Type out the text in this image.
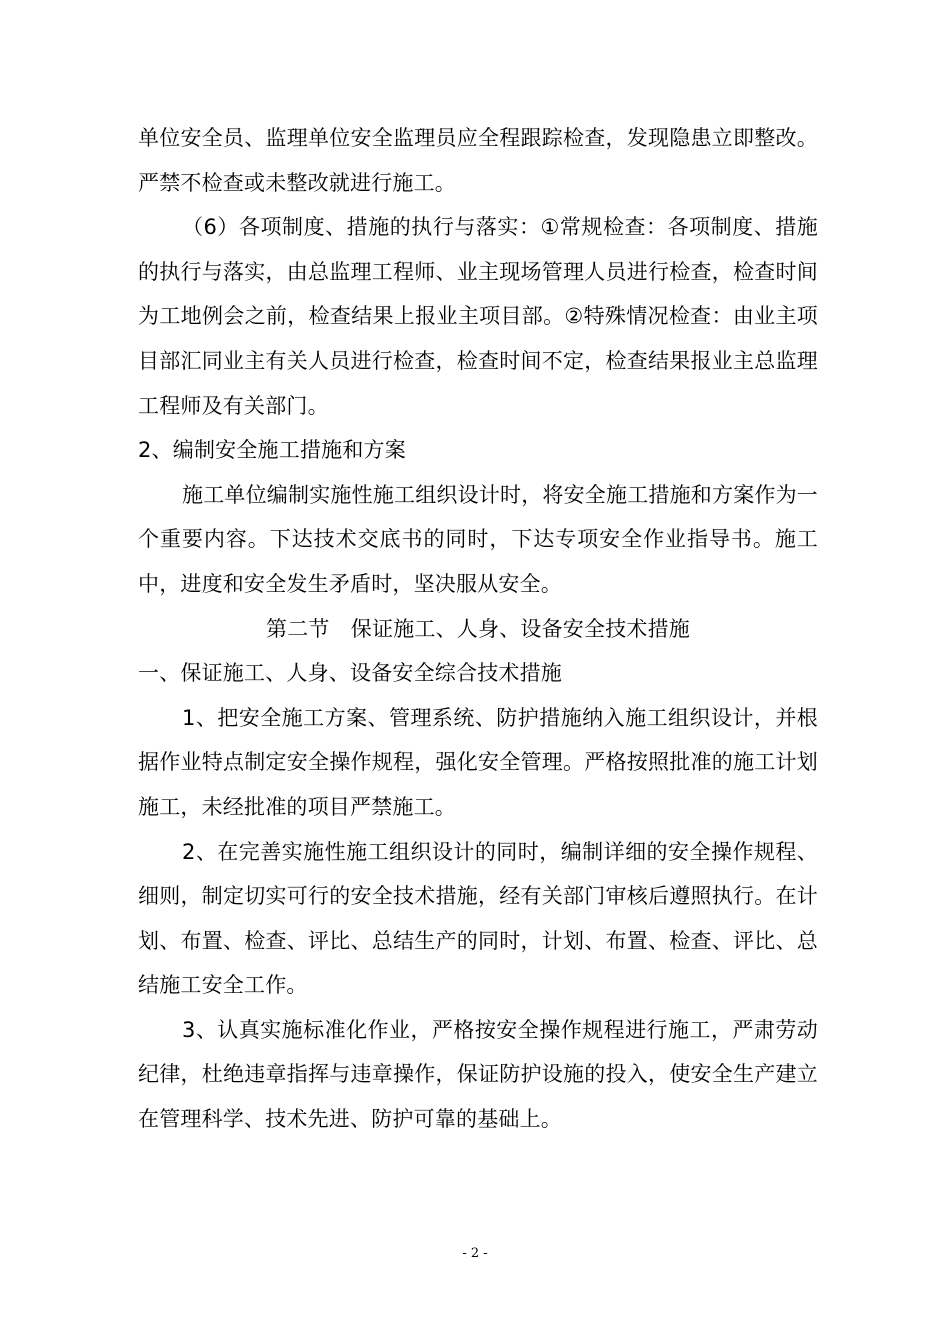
单位安全员、监理单位安全监理员应全程跟踪检查，发现隐患立即整改。严禁不检查或未整改就进行施工。

（6）各项制度、措施的执行与落实：①常规检查：各项制度、措施的执行与落实，由总监理工程师、业主现场管理人员进行检查，检查时间为工地例会之前，检查结果上报业主项目部。②特殊情况检查：由业主项目部汇同业主有关人员进行检查，检查时间不定，检查结果报业主总监理工程师及有关部门。

2、编制安全施工措施和方案

施工单位编制实施性施工组织设计时，将安全施工措施和方案作为一个重要内容。下达技术交底书的同时，下达专项安全作业指导书。施工中，进度和安全发生矛盾时，坚决服从安全。

第二节　保证施工、人身、设备安全技术措施

一、保证施工、人身、设备安全综合技术措施

1、把安全施工方案、管理系统、防护措施纳入施工组织设计，并根据作业特点制定安全操作规程，强化安全管理。严格按照批准的施工计划施工，未经批准的项目严禁施工。

2、在完善实施性施工组织设计的同时，编制详细的安全操作规程、细则，制定切实可行的安全技术措施，经有关部门审核后遵照执行。在计划、布置、检查、评比、总结生产的同时，计划、布置、检查、评比、总结施工安全工作。

3、认真实施标准化作业，严格按安全操作规程进行施工，严肃劳动纪律，杜绝违章指挥与违章操作，保证防护设施的投入，使安全生产建立在管理科学、技术先进、防护可靠的基础上。

- 2 -
